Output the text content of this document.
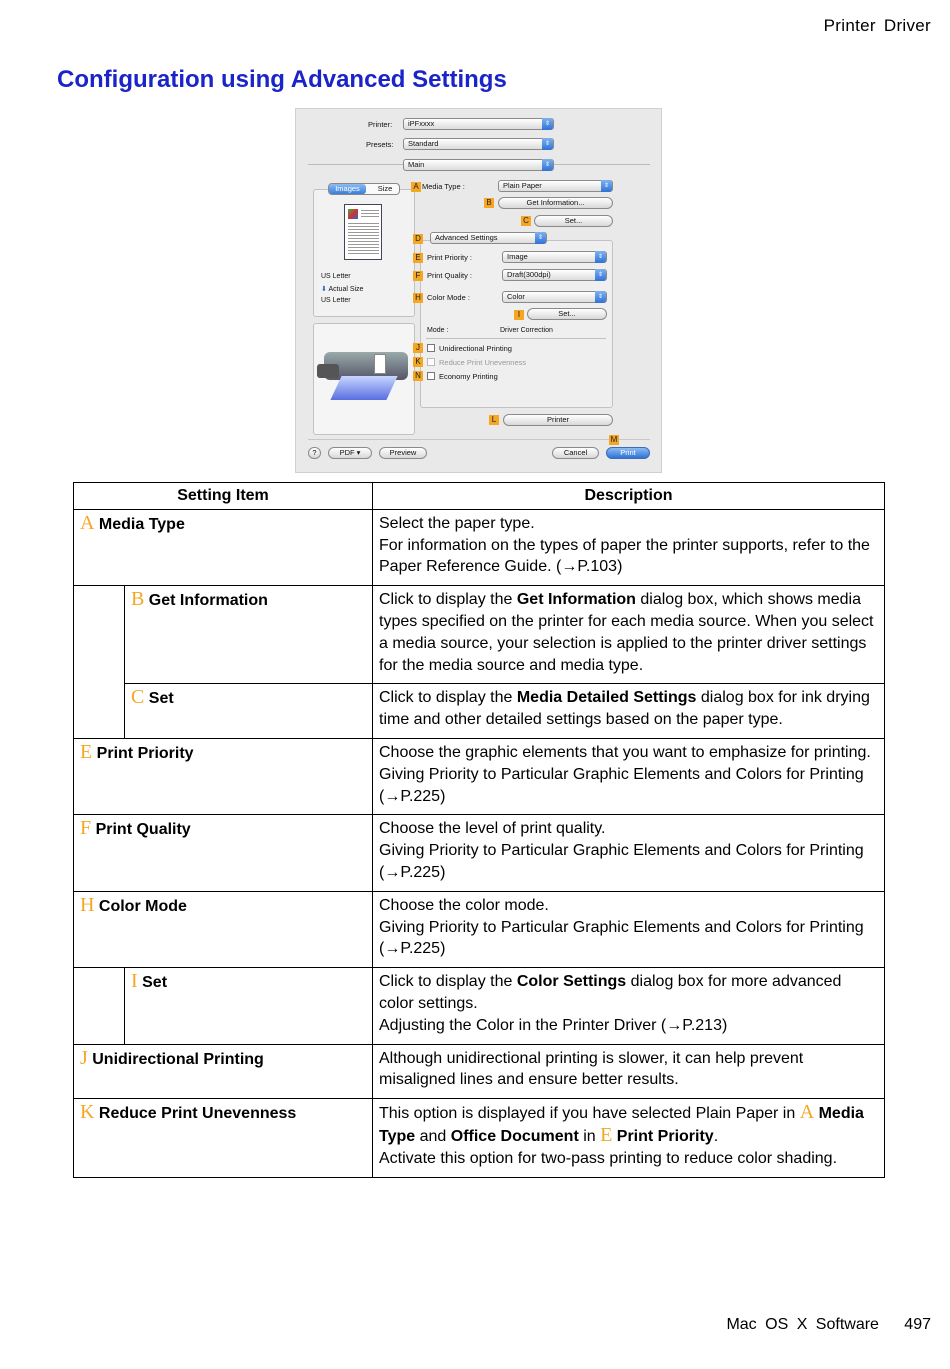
Printer Driver
Configuration using Advanced Settings
Printer:	iPFxxxx	⇕
Presets:	Standard	⇕
Main	⇕
Images	Size
US Letter
⬇ Actual Size
US Letter
A Media Type :	Plain Paper	⇕
B	Get Information...
C	Set...
D	Advanced Settings	⇕
E Print Priority :	Image	⇕
F Print Quality :	Draft(300dpi)	⇕
H Color Mode :	Color	⇕
I	Set...
Mode :	Driver Correction
J	Unidirectional Printing
K	Reduce Print Unevenness
N Economy Printing
L	Printer
M
?	PDF ▾	Preview	Cancel	Print
Setting Item		Description
A Media Type		Select the paper type.
For information on the types of paper the printer supports, refer to the Paper Reference Guide. (→P.103)

	B Get Information	Click to display the Get Information dialog box, which shows media types specified on the printer for each media source. When you select a media source, your selection is applied to the printer driver settings for the media source and media type.
	C Set	Click to display the Media Detailed Settings dialog box for ink drying time and other detailed settings based on the paper type.
E Print Priority		Choose the graphic elements that you want to emphasize for printing.
Giving Priority to Particular Graphic Elements and Colors for Printing (→P.225)

F Print Quality		Choose the level of print quality.
Giving Priority to Particular Graphic Elements and Colors for Printing (→P.225)

H Color Mode		Choose the color mode.
Giving Priority to Particular Graphic Elements and Colors for Printing (→P.225)

	I Set	Click to display the Color Settings dialog box for more advanced color settings.
Adjusting the Color in the Printer Driver (→P.213)

J Unidirectional Printing		Although unidirectional printing is slower, it can help prevent misaligned lines and ensure better results.

K Reduce Print Unevenness		This option is displayed if you have selected Plain Paper in A Media Type and Office Document in E Print Priority.
Activate this option for two-pass printing to reduce color shading.
Mac OS X Software 497
